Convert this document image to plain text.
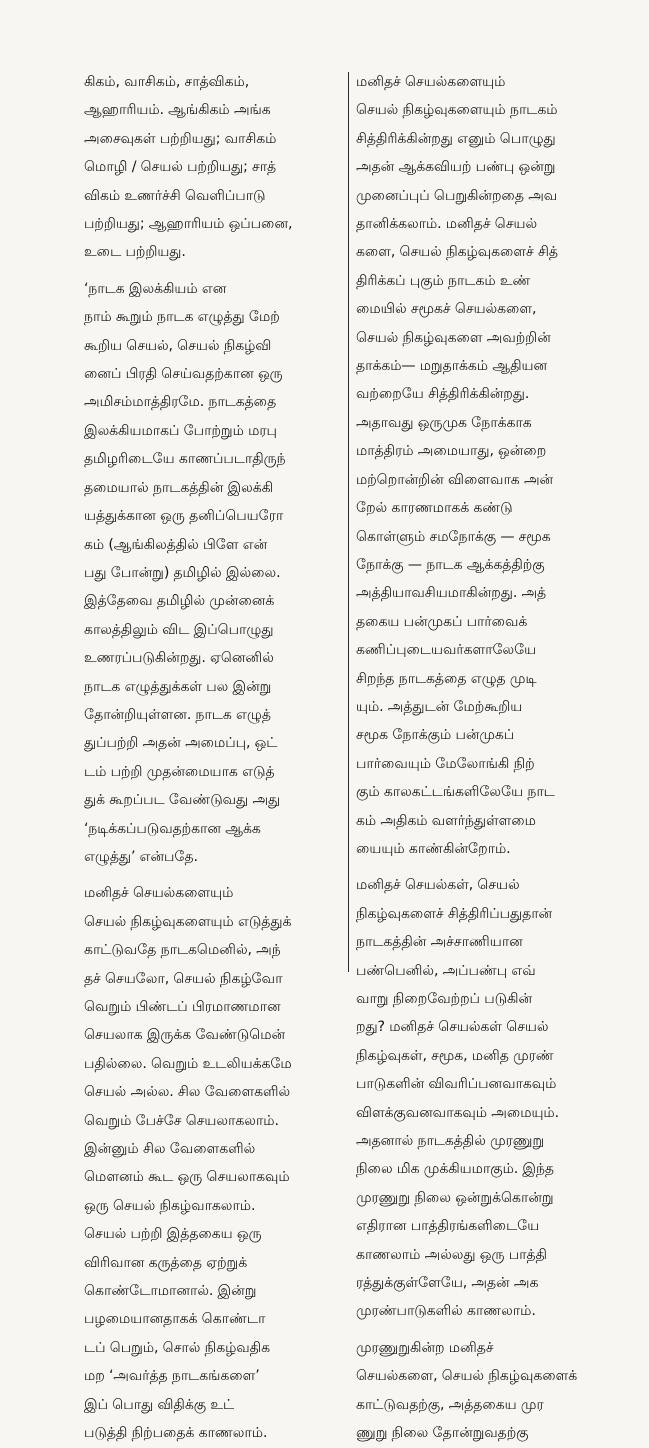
கிகம், வாசிகம், சாத்விகம்,
ஆஹாரியம். ஆங்கிகம் அங்க
அசைவுகள் பற்றியது; வாசிகம்
மொழி / செயல் பற்றியது; சாத்
விகம் உணர்ச்சி வெளிப்பாடு
பற்றியது; ஆஹாரியம் ஒப்பனை,
உடை பற்றியது.
‘நாடக இலக்கியம் என
நாம் கூறும் நாடக எழுத்து மேற்
கூறிய செயல், செயல் நிகழ்வி
னைப் பிரதி செய்வதற்கான ஒரு
அமிசம்மாத்திரமே. நாடகத்தை
இலக்கியமாகப் போற்றும் மரபு
தமிழரிடையே காணப்படாதிருந்
தமையால் நாடகத்தின் இலக்கி
யத்துக்கான ஒரு தனிப்பெயரோ
கம் (ஆங்கிலத்தில் பிளே என்
பது போன்று) தமிழில் இல்லை.
இத்தேவை தமிழில் முன்னைக்
காலத்திலும் விட இப்பொழுது
உணரப்படுகின்றது. ஏனெனில்
நாடக எழுத்துக்கள் பல இன்று
தோன்றியுள்ளன. நாடக எழுத்
துப்பற்றி அதன் அமைப்பு, ஒட்
டம் பற்றி முதன்மையாக எடுத்
துக் கூறப்பட வேண்டுவது அது
‘நடிக்கப்படுவதற்கான ஆக்க
எழுத்து’ என்பதே.
மனிதச் செயல்களையும்
செயல் நிகழ்வுகளையும் எடுத்துக்
காட்டுவதே நாடகமெனில், அந்
தச் செயலோ, செயல் நிகழ்வோ
வெறும் பிண்டப் பிரமாணமான
செயலாக இருக்க வேண்டுமென்
பதில்லை. வெறும் உடலியக்கமே
செயல் அல்ல. சில வேளைகளில்
வெறும் பேச்சே செயலாகலாம்.
இன்னும் சில வேளைகளில்
மௌனம் கூட ஒரு செயலாகவும்
ஒரு செயல் நிகழ்வாகலாம்.
செயல் பற்றி இத்தகைய ஒரு
விரிவான கருத்தை ஏற்றுக்
கொண்டோமானால். இன்று
பழமையானதாகக் கொண்டா
டப் பெறும், சொல் நிகழ்வதிக
மற ‘அவர்த்த நாடகங்களை’
இப் பொது விதிக்கு உட்
படுத்தி நிற்பதைக் காணலாம்.
மனிதச் செயல்களையும்
செயல் நிகழ்வுகளையும் நாடகம்
சித்திரிக்கின்றது எனும் பொழுது
அதன் ஆக்கவியற் பண்பு ஒன்று
முனைப்புப் பெறுகின்றதை அவ
தானிக்கலாம். மனிதச் செயல்
களை, செயல் நிகழ்வுகளைச் சித்
திரிக்கப் புகும் நாடகம் உண்
மையில் சமூகச் செயல்களை,
செயல் நிகழ்வுகளை அவற்றின்
தாக்கம்— மறுதாக்கம் ஆதியன
வற்றையே சித்திரிக்கின்றது.
அதாவது ஒருமுக நோக்காக
மாத்திரம் அமையாது, ஒன்றை
மற்றொன்றின் விளைவாக அன்
றேல் காரணமாகக் கண்டு
கொள்ளும் சமநோக்கு — சமூக
நோக்கு — நாடக ஆக்கத்திற்கு
அத்தியாவசியமாகின்றது. அத்
தகைய பன்முகப் பார்வைக்
கணிப்புடையவர்களாலேயே
சிறந்த நாடகத்தை எழுத முடி
யும். அத்துடன் மேற்கூறிய
சமூக நோக்கும் பன்முகப்
பார்வையும் மேலோங்கி நிற்
கும் காலகட்டங்களிலேயே நாட
கம் அதிகம் வளர்ந்துள்ளமை
யையும் காண்கின்றோம்.
மனிதச் செயல்கள், செயல்
நிகழ்வுகளைச் சித்திரிப்பதுதான்
நாடகத்தின் அச்சாணியான
பண்பெனில், அப்பண்பு எவ்
வாறு நிறைவேற்றப் படுகின்
றது? மனிதச் செயல்கள் செயல்
நிகழ்வுகள், சமூக, மனித முரண்
பாடுகளின் விவரிப்பனவாகவும்
விளக்குவனவாகவும் அமையும்.
அதனால் நாடகத்தில் முரணுறு
நிலை மிக முக்கியமாகும். இந்த
முரணுறு நிலை ஒன்றுக்கொன்று
எதிரான பாத்திரங்களிடையே
காணலாம் அல்லது ஒரு பாத்தி
ரத்துக்குள்ளேயே, அதன் அக
முரண்பாடுகளில் காணலாம்.
முரணுறுகின்ற மனிதச்
செயல்களை, செயல் நிகழ்வுகளைக்
காட்டுவதற்கு, அத்தகைய முர
ணுறு நிலை தோன்றுவதற்கு
